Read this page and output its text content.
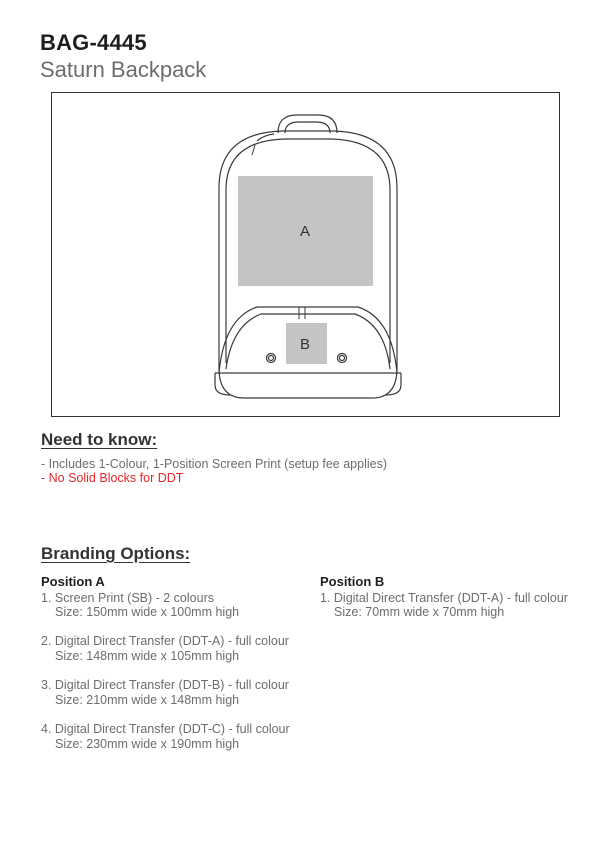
BAG-4445
Saturn Backpack
A
B
Need to know:
- Includes 1-Colour, 1-Position Screen Print (setup fee applies)
- No Solid Blocks for DDT
Branding Options:
Position A
1. Screen Print (SB) - 2 colours
Size: 150mm wide x 100mm high
2. Digital Direct Transfer (DDT-A) - full colour
Size: 148mm wide x 105mm high
3. Digital Direct Transfer (DDT-B) - full colour
Size: 210mm wide x 148mm high
4. Digital Direct Transfer (DDT-C) - full colour
Size: 230mm wide x 190mm high
Position B
1. Digital Direct Transfer (DDT-A) - full colour
Size: 70mm wide x 70mm high
